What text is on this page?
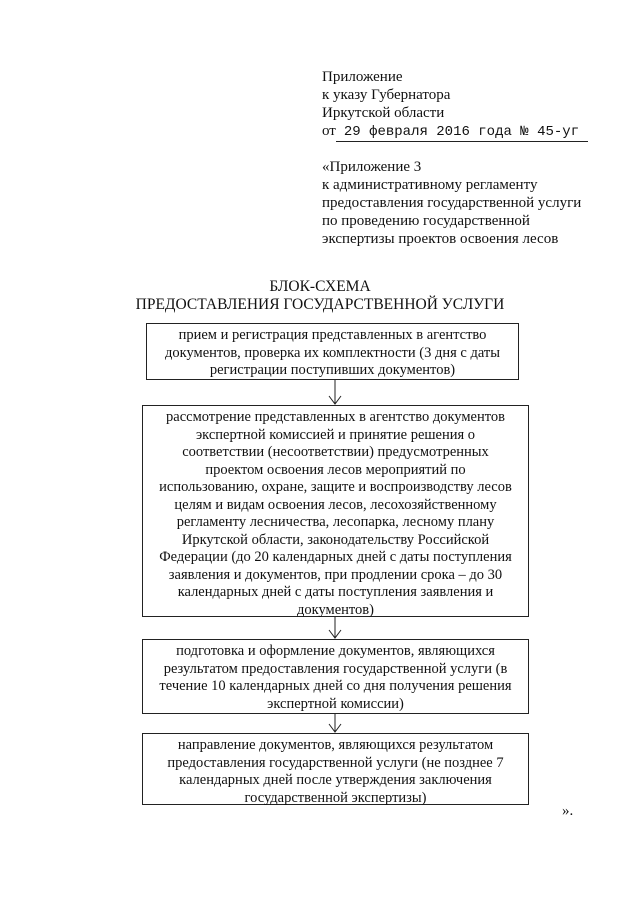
Приложение
к указу Губернатора
Иркутской области
от 29 февраля 2016 года № 45-уг
«Приложение 3
к административному регламенту
предоставления государственной услуги
по проведению государственной
экспертизы проектов освоения лесов
БЛОК-СХЕМА
ПРЕДОСТАВЛЕНИЯ ГОСУДАРСТВЕННОЙ УСЛУГИ
прием и регистрация представленных в агентство
документов, проверка их комплектности (3 дня с даты
регистрации поступивших документов)
рассмотрение представленных в агентство документов
экспертной комиссией и принятие решения о
соответствии (несоответствии) предусмотренных
проектом освоения лесов мероприятий по
использованию, охране, защите и воспроизводству лесов
целям и видам освоения лесов, лесохозяйственному
регламенту лесничества, лесопарка, лесному плану
Иркутской области, законодательству Российской
Федерации (до 20 календарных дней с даты поступления
заявления и документов, при продлении срока – до 30
календарных дней с даты поступления заявления и
документов)
подготовка и оформление документов, являющихся
результатом предоставления государственной услуги (в
течение 10 календарных дней со дня получения решения
экспертной комиссии)
направление документов, являющихся результатом
предоставления государственной услуги (не позднее 7
календарных дней после утверждения заключения
государственной экспертизы)
».
